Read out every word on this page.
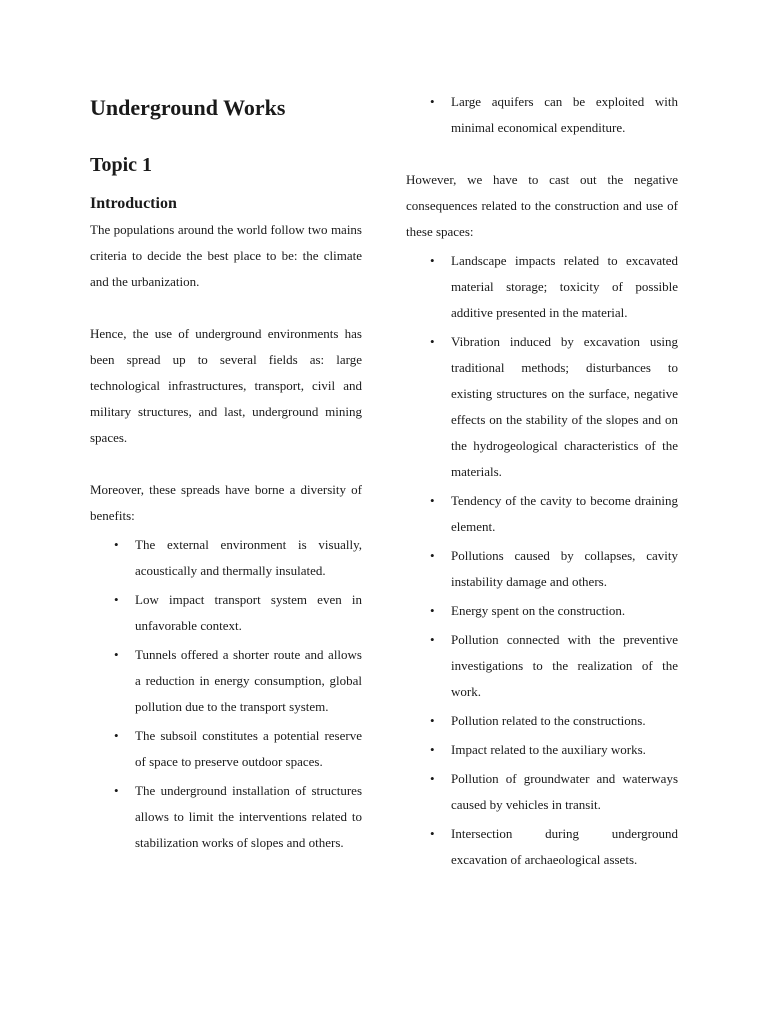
Underground Works
Topic 1
Introduction

The populations around the world follow two mains criteria to decide the best place to be: the climate and the urbanization.

Hence, the use of underground environments has been spread up to several fields as: large technological infrastructures, transport, civil and military structures, and last, underground mining spaces.

Moreover, these spreads have borne a diversity of benefits:

• The external environment is visually, acoustically and thermally insulated.
• Low impact transport system even in unfavorable context.
• Tunnels offered a shorter route and allows a reduction in energy consumption, global pollution due to the transport system.
• The subsoil constitutes a potential reserve of space to preserve outdoor spaces.
• The underground installation of structures allows to limit the interventions related to stabilization works of slopes and others.
• Large aquifers can be exploited with minimal economical expenditure.

However, we have to cast out the negative consequences related to the construction and use of these spaces:

• Landscape impacts related to excavated material storage; toxicity of possible additive presented in the material.
• Vibration induced by excavation using traditional methods; disturbances to existing structures on the surface, negative effects on the stability of the slopes and on the hydrogeological characteristics of the materials.
• Tendency of the cavity to become draining element.
• Pollutions caused by collapses, cavity instability damage and others.
• Energy spent on the construction.
• Pollution connected with the preventive investigations to the realization of the work.
• Pollution related to the constructions.
• Impact related to the auxiliary works.
• Pollution of groundwater and waterways caused by vehicles in transit.
• Intersection during underground excavation of archaeological assets.
